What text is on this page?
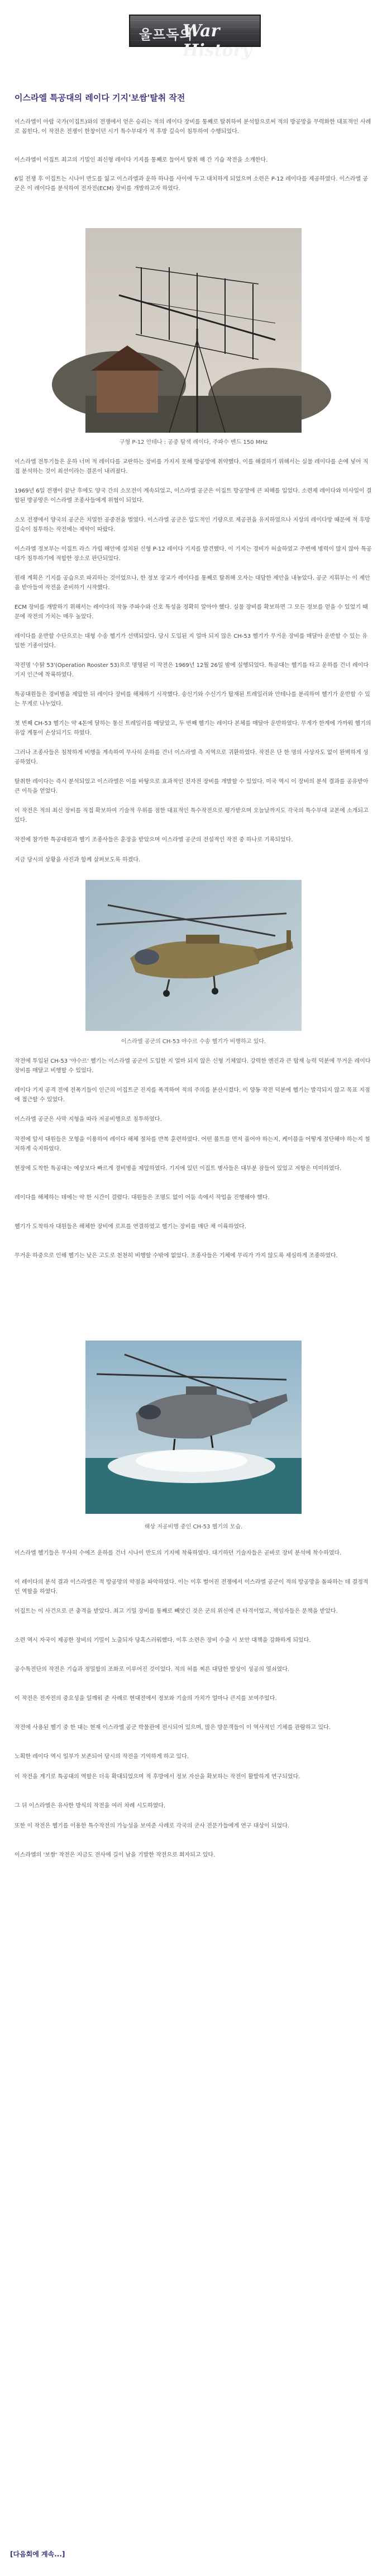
울프독의
War History
이스라엘 특공대의 레이다 기지'보쌈'탈취 작전

이스라엘이 아랍 국가(이집트)와의 전쟁에서 얻은 승리는 적의 레이다 장비를 통째로 탈취하여 분석함으로써 적의 방공망을 무력화한 대표적인 사례로 꼽힌다. 이 작전은 전쟁이 한창이던 시기 특수부대가 적 후방 깊숙이 침투하여 수행되었다.

이스라엘이 이집트 최고의 기밀인 최신형 레이다 기지를 통째로 들어서 탈취 해 간 기습 작전을 소개한다.

6일 전쟁 후 이집트는 시나이 반도를 잃고 이스라엘과 운하 하나를 사이에 두고 대치하게 되었으며 소련은 P-12 레이다를 제공하였다. 이스라엘 공군은 이 레이다를 분석하여 전자전(ECM) 장비를 개발하고자 하였다.

구형 P-12 안테나 : 공중 탐색 레이다, 주파수 밴드 150 MHz

이스라엘 전투기들은 운하 너머 적 레이다를 교란하는 장비를 가지지 못해 방공망에 취약했다. 이를 해결하기 위해서는 실물 레이다를 손에 넣어 직접 분석하는 것이 최선이라는 결론이 내려졌다.

1969년 6일 전쟁이 끝난 후에도 양국 간의 소모전이 계속되었고, 이스라엘 공군은 이집트 방공망에 큰 피해를 입었다. 소련제 레이다와 미사일이 결합된 방공망은 이스라엘 조종사들에게 위협이 되었다.

소모 전쟁에서 양국의 공군은 치열한 공중전을 벌였다. 이스라엘 공군은 압도적인 기량으로 제공권을 유지하였으나 지상의 레이다망 때문에 적 후방 깊숙이 침투하는 작전에는 제약이 따랐다.

이스라엘 정보부는 이집트 라스 가립 해안에 설치된 신형 P-12 레이다 기지를 발견했다. 이 기지는 경비가 허술하였고 주변에 병력이 많지 않아 특공대가 침투하기에 적합한 장소로 판단되었다.

원래 계획은 기지를 공습으로 파괴하는 것이었으나, 한 정보 장교가 레이다를 통째로 탈취해 오자는 대담한 제안을 내놓았다. 공군 지휘부는 이 제안을 받아들여 작전을 준비하기 시작했다.

ECM 장비를 개발하기 위해서는 레이다의 작동 주파수와 신호 특성을 정확히 알아야 했다. 실물 장비를 확보하면 그 모든 정보를 얻을 수 있었기 때문에 작전의 가치는 매우 높았다.

레이다를 운반할 수단으로는 대형 수송 헬기가 선택되었다. 당시 도입된 지 얼마 되지 않은 CH-53 헬기가 무거운 장비를 매달아 운반할 수 있는 유일한 기종이었다.

작전명 '수탉 53'(Operation Rooster 53)으로 명명된 이 작전은 1969년 12월 26일 밤에 실행되었다. 특공대는 헬기를 타고 운하를 건너 레이다 기지 인근에 착륙하였다.

특공대원들은 경비병을 제압한 뒤 레이다 장비를 해체하기 시작했다. 송신기와 수신기가 탑재된 트레일러와 안테나를 분리하여 헬기가 운반할 수 있는 무게로 나누었다.

첫 번째 CH-53 헬기는 약 4톤에 달하는 통신 트레일러를 매달았고, 두 번째 헬기는 레이다 본체를 매달아 운반하였다. 무게가 한계에 가까워 헬기의 유압 계통이 손상되기도 하였다.

그러나 조종사들은 침착하게 비행을 계속하여 무사히 운하를 건너 이스라엘 측 지역으로 귀환하였다. 작전은 단 한 명의 사상자도 없이 완벽하게 성공하였다.

탈취한 레이다는 즉시 분석되었고 이스라엘은 이를 바탕으로 효과적인 전자전 장비를 개발할 수 있었다. 미국 역시 이 장비의 분석 결과를 공유받아 큰 이득을 얻었다.

이 작전은 적의 최신 장비를 직접 확보하여 기술적 우위를 점한 대표적인 특수작전으로 평가받으며 오늘날까지도 각국의 특수부대 교본에 소개되고 있다.

작전에 참가한 특공대원과 헬기 조종사들은 훈장을 받았으며 이스라엘 공군의 전설적인 작전 중 하나로 기록되었다.

지금 당시의 상황을 사진과 함께 살펴보도록 하겠다.

이스라엘 공군의 CH-53 야수르 수송 헬기가 비행하고 있다.

작전에 투입된 CH-53 '야수르' 헬기는 이스라엘 공군이 도입한 지 얼마 되지 않은 신형 기체였다. 강력한 엔진과 큰 탑재 능력 덕분에 무거운 레이다 장비를 매달고 비행할 수 있었다.

레이다 기지 공격 전에 전폭기들이 인근의 이집트군 진지를 폭격하여 적의 주의를 분산시켰다. 이 양동 작전 덕분에 헬기는 발각되지 않고 목표 지점에 접근할 수 있었다.

이스라엘 공군은 사막 지형을 따라 저공비행으로 침투하였다.

작전에 앞서 대원들은 모형을 이용하여 레이다 해체 절차를 반복 훈련하였다. 어떤 볼트를 먼저 풀어야 하는지, 케이블을 어떻게 절단해야 하는지 철저하게 숙지하였다.

현장에 도착한 특공대는 예상보다 빠르게 경비병을 제압하였다. 기지에 있던 이집트 병사들은 대부분 잠들어 있었고 저항은 미미하였다.

레이다를 해체하는 데에는 약 한 시간이 걸렸다. 대원들은 조명도 없이 어둠 속에서 작업을 진행해야 했다.

헬기가 도착하자 대원들은 해체한 장비에 로프를 연결하였고 헬기는 장비를 매단 채 이륙하였다.

무거운 하중으로 인해 헬기는 낮은 고도로 천천히 비행할 수밖에 없었다. 조종사들은 기체에 무리가 가지 않도록 세심하게 조종하였다.

해상 저공비행 중인 CH-53 헬기의 모습.

이스라엘 헬기들은 무사히 수에즈 운하를 건너 시나이 반도의 기지에 착륙하였다. 대기하던 기술자들은 곧바로 장비 분석에 착수하였다.

이 레이다의 분석 결과 이스라엘은 적 방공망의 약점을 파악하였다. 이는 이후 벌어진 전쟁에서 이스라엘 공군이 적의 방공망을 돌파하는 데 결정적인 역할을 하였다.

이집트는 이 사건으로 큰 충격을 받았다. 최고 기밀 장비를 통째로 빼앗긴 것은 군의 위신에 큰 타격이었고, 책임자들은 문책을 받았다.

소련 역시 자국이 제공한 장비의 기밀이 노출되자 당혹스러워했다. 이후 소련은 장비 수출 시 보안 대책을 강화하게 되었다.

공수특전단의 작전은 기습과 정밀함의 조화로 이루어진 것이었다. 적의 허를 찌른 대담한 발상이 성공의 열쇠였다.

이 작전은 전자전의 중요성을 일깨워 준 사례로 현대전에서 정보와 기술의 가치가 얼마나 큰지를 보여주었다.

작전에 사용된 헬기 중 한 대는 현재 이스라엘 공군 박물관에 전시되어 있으며, 많은 방문객들이 이 역사적인 기체를 관람하고 있다.

노획한 레이다 역시 일부가 보존되어 당시의 작전을 기억하게 하고 있다.

이 작전을 계기로 특공대의 역할은 더욱 확대되었으며 적 후방에서 정보 자산을 확보하는 작전이 활발하게 연구되었다.

그 뒤 이스라엘은 유사한 방식의 작전을 여러 차례 시도하였다.

또한 이 작전은 헬기를 이용한 특수작전의 가능성을 보여준 사례로 각국의 군사 전문가들에게 연구 대상이 되었다.

이스라엘의 '보쌈' 작전은 지금도 전사에 길이 남을 기발한 작전으로 회자되고 있다.

[다음회에 계속...]
